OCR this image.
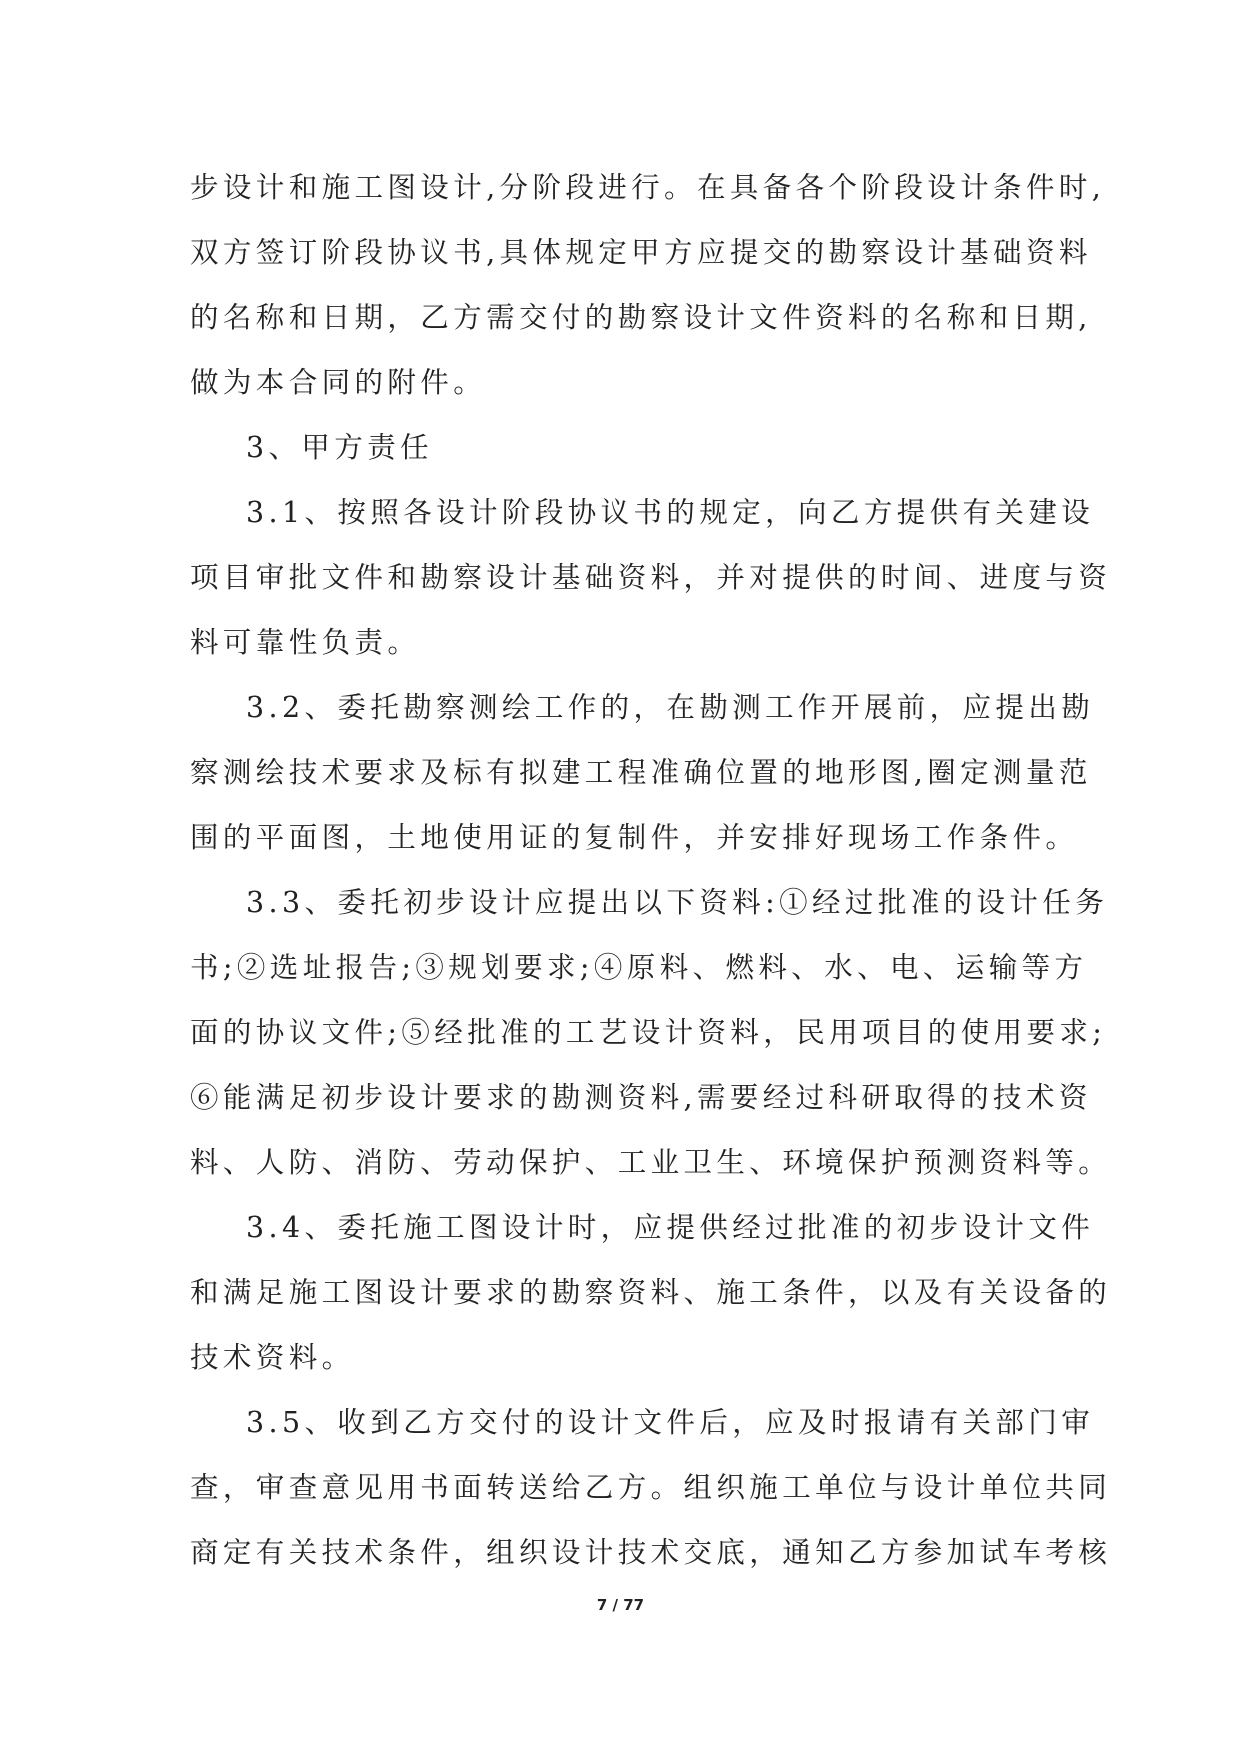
步设计和施工图设计,分阶段进行。在具备各个阶段设计条件时,
双方签订阶段协议书,具体规定甲方应提交的勘察设计基础资料
的名称和日期，乙方需交付的勘察设计文件资料的名称和日期,
做为本合同的附件。
3、甲方责任
3.1、按照各设计阶段协议书的规定，向乙方提供有关建设
项目审批文件和勘察设计基础资料，并对提供的时间、进度与资
料可靠性负责。
3.2、委托勘察测绘工作的，在勘测工作开展前，应提出勘
察测绘技术要求及标有拟建工程准确位置的地形图,圈定测量范
围的平面图，土地使用证的复制件，并安排好现场工作条件。
3.3、委托初步设计应提出以下资料:①经过批准的设计任务
书;②选址报告;③规划要求;④原料、燃料、水、电、运输等方
面的协议文件;⑤经批准的工艺设计资料，民用项目的使用要求;
⑥能满足初步设计要求的勘测资料,需要经过科研取得的技术资
料、人防、消防、劳动保护、工业卫生、环境保护预测资料等。
3.4、委托施工图设计时，应提供经过批准的初步设计文件
和满足施工图设计要求的勘察资料、施工条件，以及有关设备的
技术资料。
3.5、收到乙方交付的设计文件后，应及时报请有关部门审
查，审查意见用书面转送给乙方。组织施工单位与设计单位共同
商定有关技术条件，组织设计技术交底，通知乙方参加试车考核
7 / 77
